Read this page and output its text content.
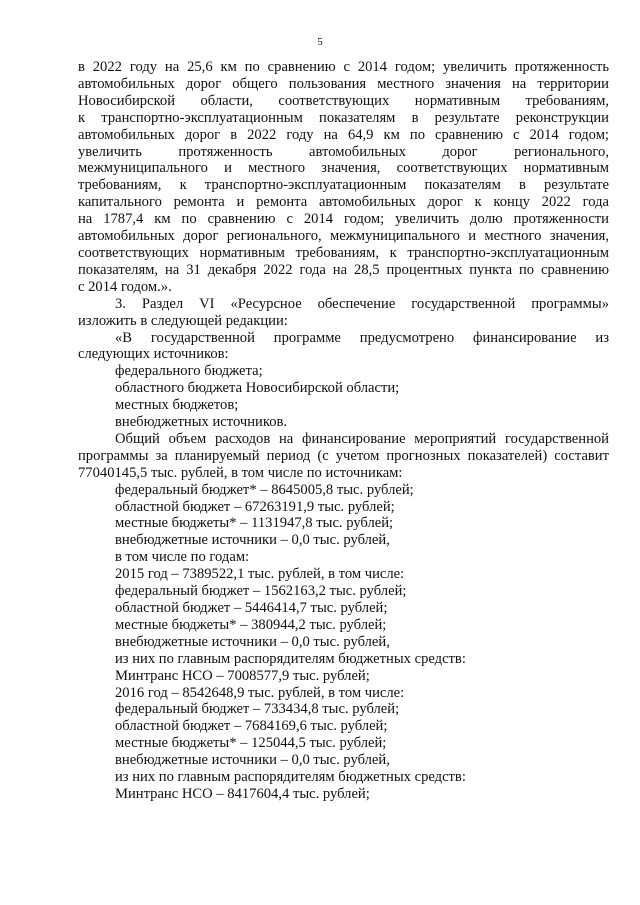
5
в 2022 году на 25,6 км по сравнению с 2014 годом; увеличить протяженность
автомобильных дорог общего пользования местного значения на территории
Новосибирской области, соответствующих нормативным требованиям,
к транспортно-эксплуатационным показателям в результате реконструкции
автомобильных дорог в 2022 году на 64,9 км по сравнению с 2014 годом;
увеличить протяженность автомобильных дорог регионального,
межмуниципального и местного значения, соответствующих нормативным
требованиям, к транспортно-эксплуатационным показателям в результате
капитального ремонта и ремонта автомобильных дорог к концу 2022 года
на 1787,4 км по сравнению с 2014 годом; увеличить долю протяженности
автомобильных дорог регионального, межмуниципального и местного значения,
соответствующих нормативным требованиям, к транспортно-эксплуатационным
показателям, на 31 декабря 2022 года на 28,5 процентных пункта по сравнению
с 2014 годом.».
3. Раздел VI «Ресурсное обеспечение государственной программы»
изложить в следующей редакции:
«В государственной программе предусмотрено финансирование из
следующих источников:
федерального бюджета;
областного бюджета Новосибирской области;
местных бюджетов;
внебюджетных источников.
Общий объем расходов на финансирование мероприятий государственной
программы за планируемый период (с учетом прогнозных показателей) составит
77040145,5 тыс. рублей, в том числе по источникам:
федеральный бюджет* – 8645005,8 тыс. рублей;
областной бюджет – 67263191,9 тыс. рублей;
местные бюджеты* – 1131947,8 тыс. рублей;
внебюджетные источники – 0,0 тыс. рублей,
в том числе по годам:
2015 год – 7389522,1 тыс. рублей, в том числе:
федеральный бюджет – 1562163,2 тыс. рублей;
областной бюджет – 5446414,7 тыс. рублей;
местные бюджеты* – 380944,2 тыс. рублей;
внебюджетные источники – 0,0 тыс. рублей,
из них по главным распорядителям бюджетных средств:
Минтранс НСО – 7008577,9 тыс. рублей;
2016 год – 8542648,9 тыс. рублей, в том числе:
федеральный бюджет – 733434,8 тыс. рублей;
областной бюджет – 7684169,6 тыс. рублей;
местные бюджеты* – 125044,5 тыс. рублей;
внебюджетные источники – 0,0 тыс. рублей,
из них по главным распорядителям бюджетных средств:
Минтранс НСО – 8417604,4 тыс. рублей;
